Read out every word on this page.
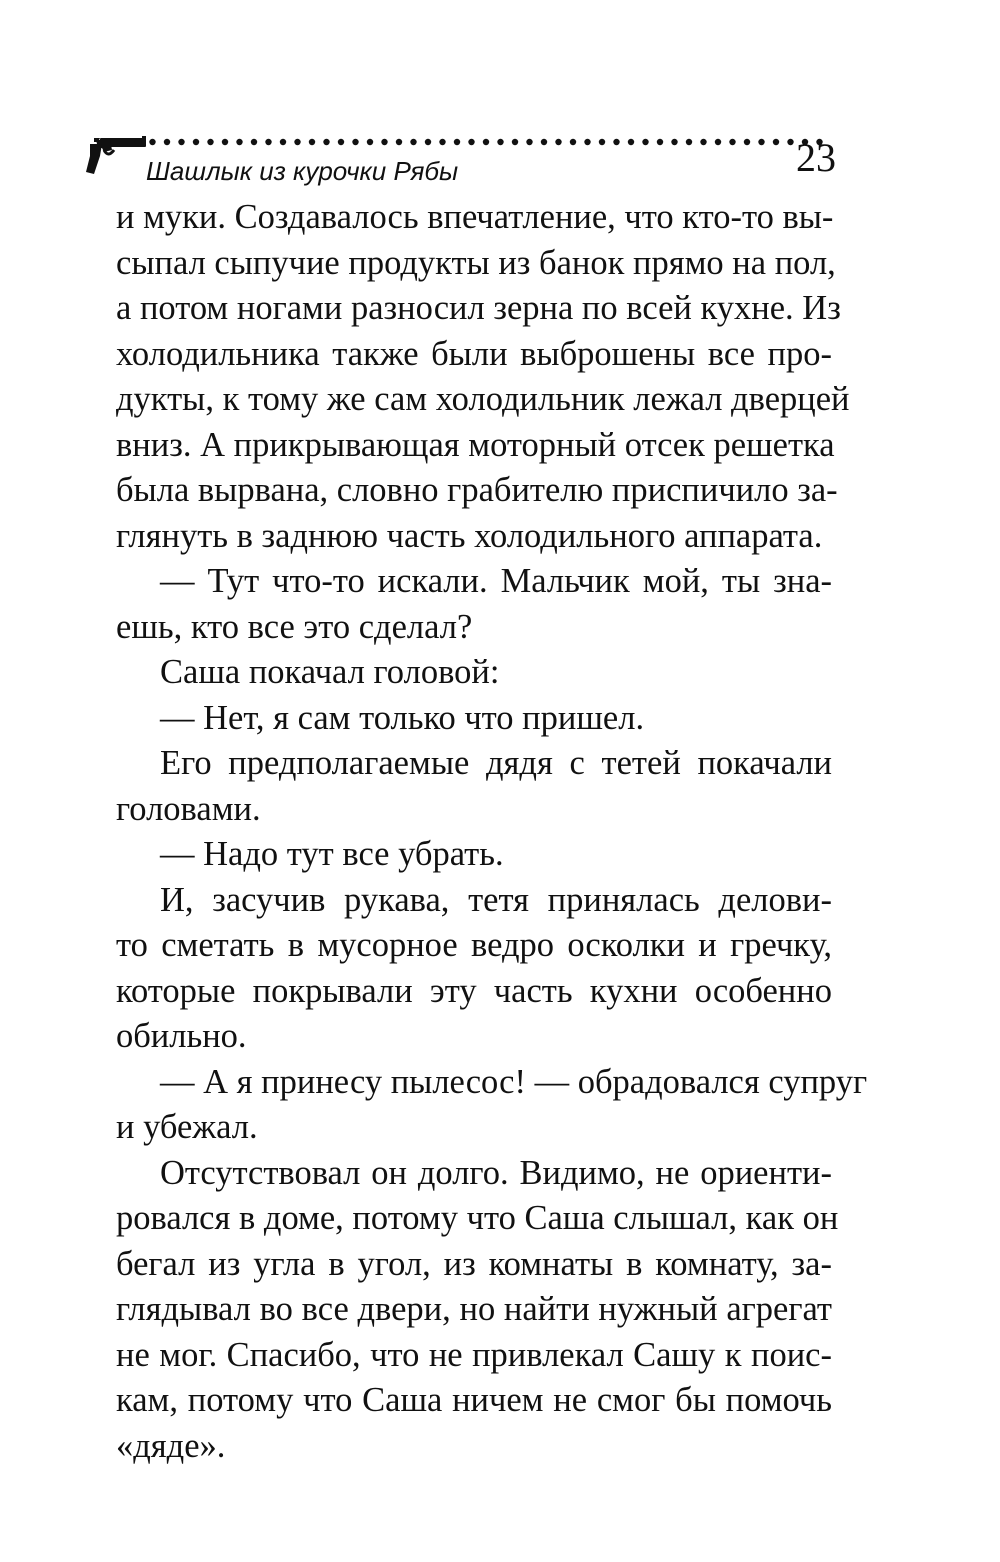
Шашлык из курочки Рябы	23
и муки. Создавалось впечатление, что кто-то вы-
сыпал сыпучие продукты из банок прямо на пол,
а потом ногами разносил зерна по всей кухне. Из
холодильника также были выброшены все про-
дукты, к тому же сам холодильник лежал дверцей
вниз. А прикрывающая моторный отсек решетка
была вырвана, словно грабителю приспичило за-
глянуть в заднюю часть холодильного аппарата.
— Тут что-то искали. Мальчик мой, ты зна-
ешь, кто все это сделал?
Саша покачал головой:
— Нет, я сам только что пришел.
Его предполагаемые дядя с тетей покачали
головами.
— Надо тут все убрать.
И, засучив рукава, тетя принялась делови-
то сметать в мусорное ведро осколки и гречку,
которые покрывали эту часть кухни особенно
обильно.
— А я принесу пылесос! — обрадовался супруг
и убежал.
Отсутствовал он долго. Видимо, не ориенти-
ровался в доме, потому что Саша слышал, как он
бегал из угла в угол, из комнаты в комнату, за-
глядывал во все двери, но найти нужный агрегат
не мог. Спасибо, что не привлекал Сашу к поис-
кам, потому что Саша ничем не смог бы помочь
«дяде».
